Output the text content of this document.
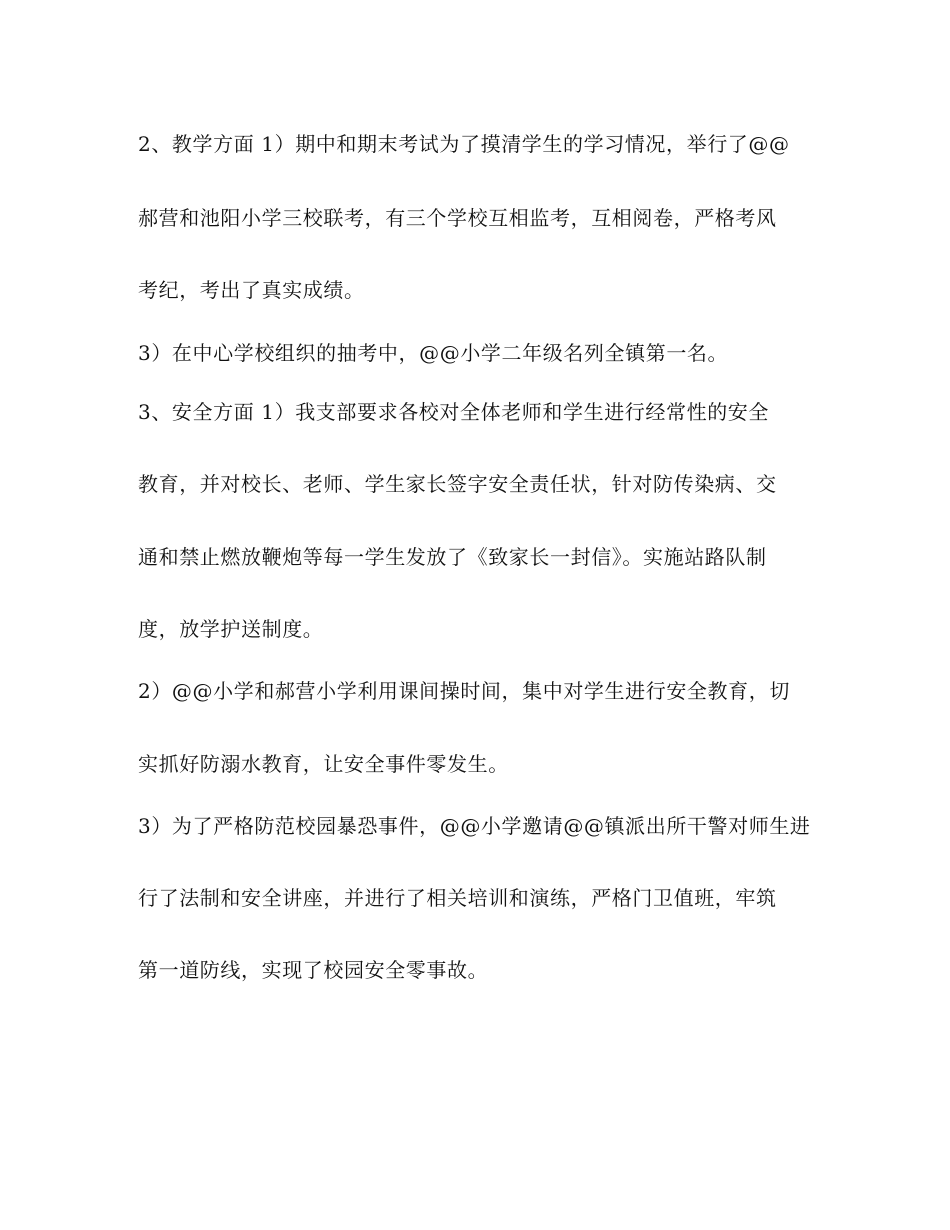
2、教学方面 1）期中和期末考试为了摸清学生的学习情况，举行了@@
郝营和池阳小学三校联考，有三个学校互相监考，互相阅卷，严格考风
考纪，考出了真实成绩。
3）在中心学校组织的抽考中，@@小学二年级名列全镇第一名。
3、安全方面 1）我支部要求各校对全体老师和学生进行经常性的安全
教育，并对校长、老师、学生家长签字安全责任状，针对防传染病、交
通和禁止燃放鞭炮等每一学生发放了《致家长一封信》。实施站路队制
度，放学护送制度。
2）@@小学和郝营小学利用课间操时间，集中对学生进行安全教育，切
实抓好防溺水教育，让安全事件零发生。
3）为了严格防范校园暴恐事件，@@小学邀请@@镇派出所干警对师生进
行了法制和安全讲座，并进行了相关培训和演练，严格门卫值班，牢筑
第一道防线，实现了校园安全零事故。
